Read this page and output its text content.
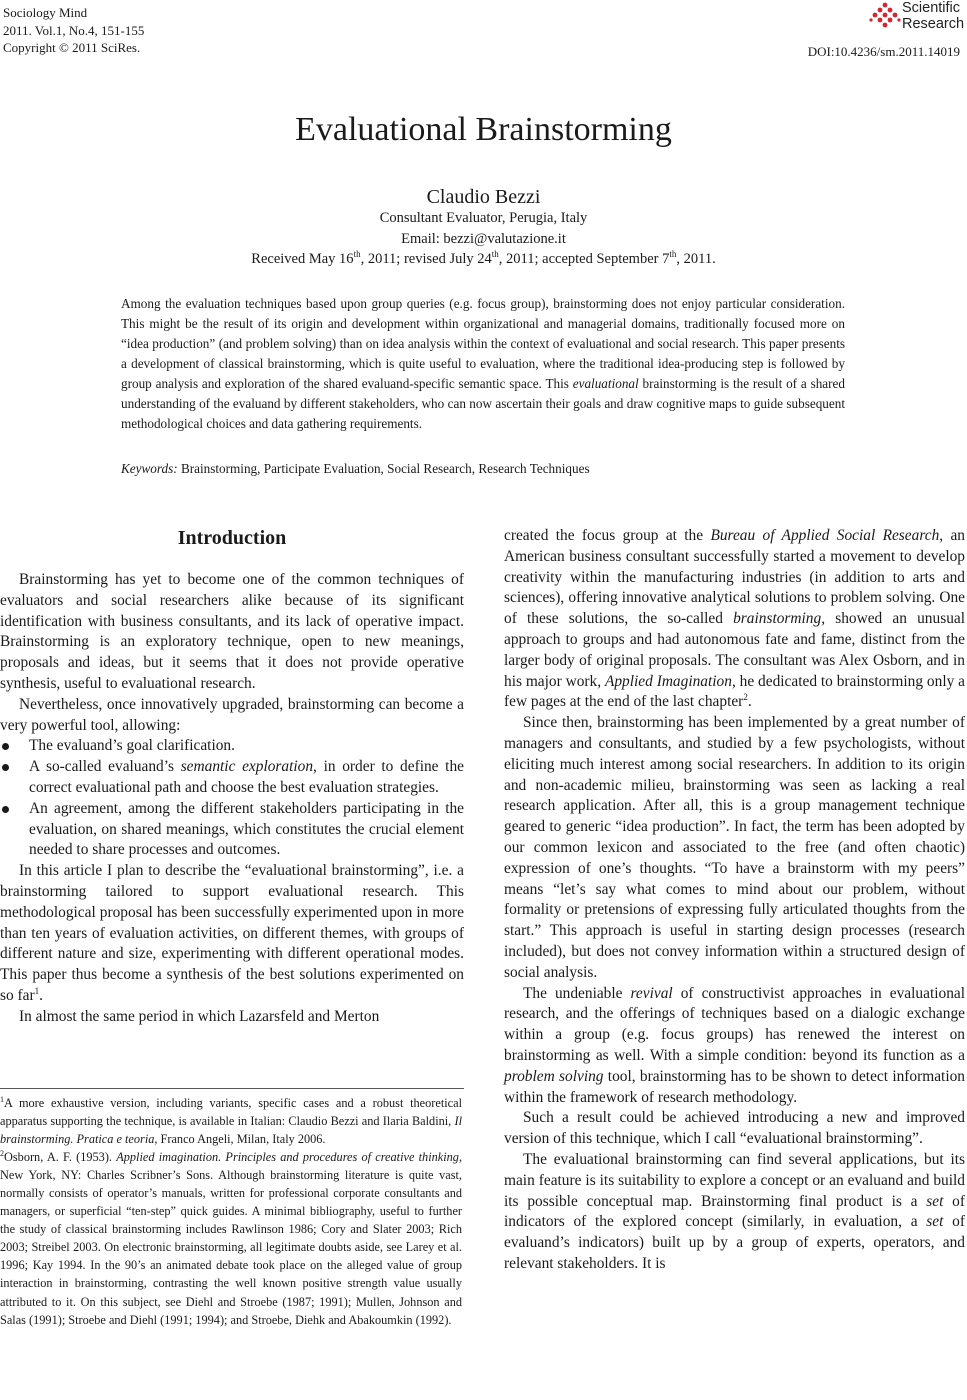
Sociology Mind
2011. Vol.1, No.4, 151-155
Copyright © 2011 SciRes.
Scientific
Research
DOI:10.4236/sm.2011.14019
Evaluational Brainstorming
Claudio Bezzi
Consultant Evaluator, Perugia, Italy
Email: bezzi@valutazione.it
Received May 16th, 2011; revised July 24th, 2011; accepted September 7th, 2011.

Among the evaluation techniques based upon group queries (e.g. focus group), brainstorming does not enjoy particular consideration. This might be the result of its origin and development within organizational and managerial domains, traditionally focused more on “idea production” (and problem solving) than on idea analysis within the context of evaluational and social research. This paper presents a development of classical brainstorming, which is quite useful to evaluation, where the traditional idea-producing step is followed by group analysis and exploration of the shared evaluand-specific semantic space. This evaluational brainstorming is the result of a shared understanding of the evaluand by different stakeholders, who can now ascertain their goals and draw cognitive maps to guide subsequent methodological choices and data gathering requirements.

Keywords: Brainstorming, Participate Evaluation, Social Research, Research Techniques
Introduction

Brainstorming has yet to become one of the common techniques of evaluators and social researchers alike because of its significant identification with business consultants, and its lack of operative impact. Brainstorming is an exploratory technique, open to new meanings, proposals and ideas, but it seems that it does not provide operative synthesis, useful to evaluational research.

Nevertheless, once innovatively upgraded, brainstorming can become a very powerful tool, allowing:

The evaluand’s goal clarification.
A so-called evaluand’s semantic exploration, in order to define the correct evaluational path and choose the best evaluation strategies.
An agreement, among the different stakeholders participating in the evaluation, on shared meanings, which constitutes the crucial element needed to share processes and outcomes.

In this article I plan to describe the “evaluational brainstorming”, i.e. a brainstorming tailored to support evaluational research. This methodological proposal has been successfully experimented upon in more than ten years of evaluation activities, on different themes, with groups of different nature and size, experimenting with different operational modes. This paper thus become a synthesis of the best solutions experimented on so far$^1$.

In almost the same period in which Lazarsfeld and Merton

$^1$A more exhaustive version, including variants, specific cases and a robust theoretical apparatus supporting the technique, is available in Italian: Claudio Bezzi and Ilaria Baldini, Il brainstorming. Pratica e teoria, Franco Angeli, Milan, Italy 2006.

$^2$Osborn, A. F. (1953). Applied imagination. Principles and procedures of creative thinking, New York, NY: Charles Scribner’s Sons. Although brainstorming literature is quite vast, normally consists of operator’s manuals, written for professional corporate consultants and managers, or superficial “ten-step” quick guides. A minimal bibliography, useful to further the study of classical brainstorming includes Rawlinson 1986; Cory and Slater 2003; Rich 2003; Streibel 2003. On electronic brainstorming, all legitimate doubts aside, see Larey et al. 1996; Kay 1994. In the 90’s an animated debate took place on the alleged value of group interaction in brainstorming, contrasting the well known positive strength value usually attributed to it. On this subject, see Diehl and Stroebe (1987; 1991); Mullen, Johnson and Salas (1991); Stroebe and Diehl (1991; 1994); and Stroebe, Diehk and Abakoumkin (1992).

created the focus group at the Bureau of Applied Social Research, an American business consultant successfully started a movement to develop creativity within the manufacturing industries (in addition to arts and sciences), offering innovative analytical solutions to problem solving. One of these solutions, the so-called brainstorming, showed an unusual approach to groups and had autonomous fate and fame, distinct from the larger body of original proposals. The consultant was Alex Osborn, and in his major work, Applied Imagination, he dedicated to brainstorming only a few pages at the end of the last chapter$^2$.

Since then, brainstorming has been implemented by a great number of managers and consultants, and studied by a few psychologists, without eliciting much interest among social researchers. In addition to its origin and non-academic milieu, brainstorming was seen as lacking a real research application. After all, this is a group management technique geared to generic “idea production”. In fact, the term has been adopted by our common lexicon and associated to the free (and often chaotic) expression of one’s thoughts. “To have a brainstorm with my peers” means “let’s say what comes to mind about our problem, without formality or pretensions of expressing fully articulated thoughts from the start.” This approach is useful in starting design processes (research included), but does not convey information within a structured design of social analysis.

The undeniable revival of constructivist approaches in evaluational research, and the offerings of techniques based on a dialogic exchange within a group (e.g. focus groups) has renewed the interest on brainstorming as well. With a simple condition: beyond its function as a problem solving tool, brainstorming has to be shown to detect information within the framework of research methodology.

Such a result could be achieved introducing a new and improved version of this technique, which I call “evaluational brainstorming”.

The evaluational brainstorming can find several applications, but its main feature is its suitability to explore a concept or an evaluand and build its possible conceptual map. Brainstorming final product is a set of indicators of the explored concept (similarly, in evaluation, a set of evaluand’s indicators) built up by a group of experts, operators, and relevant stakeholders. It is
